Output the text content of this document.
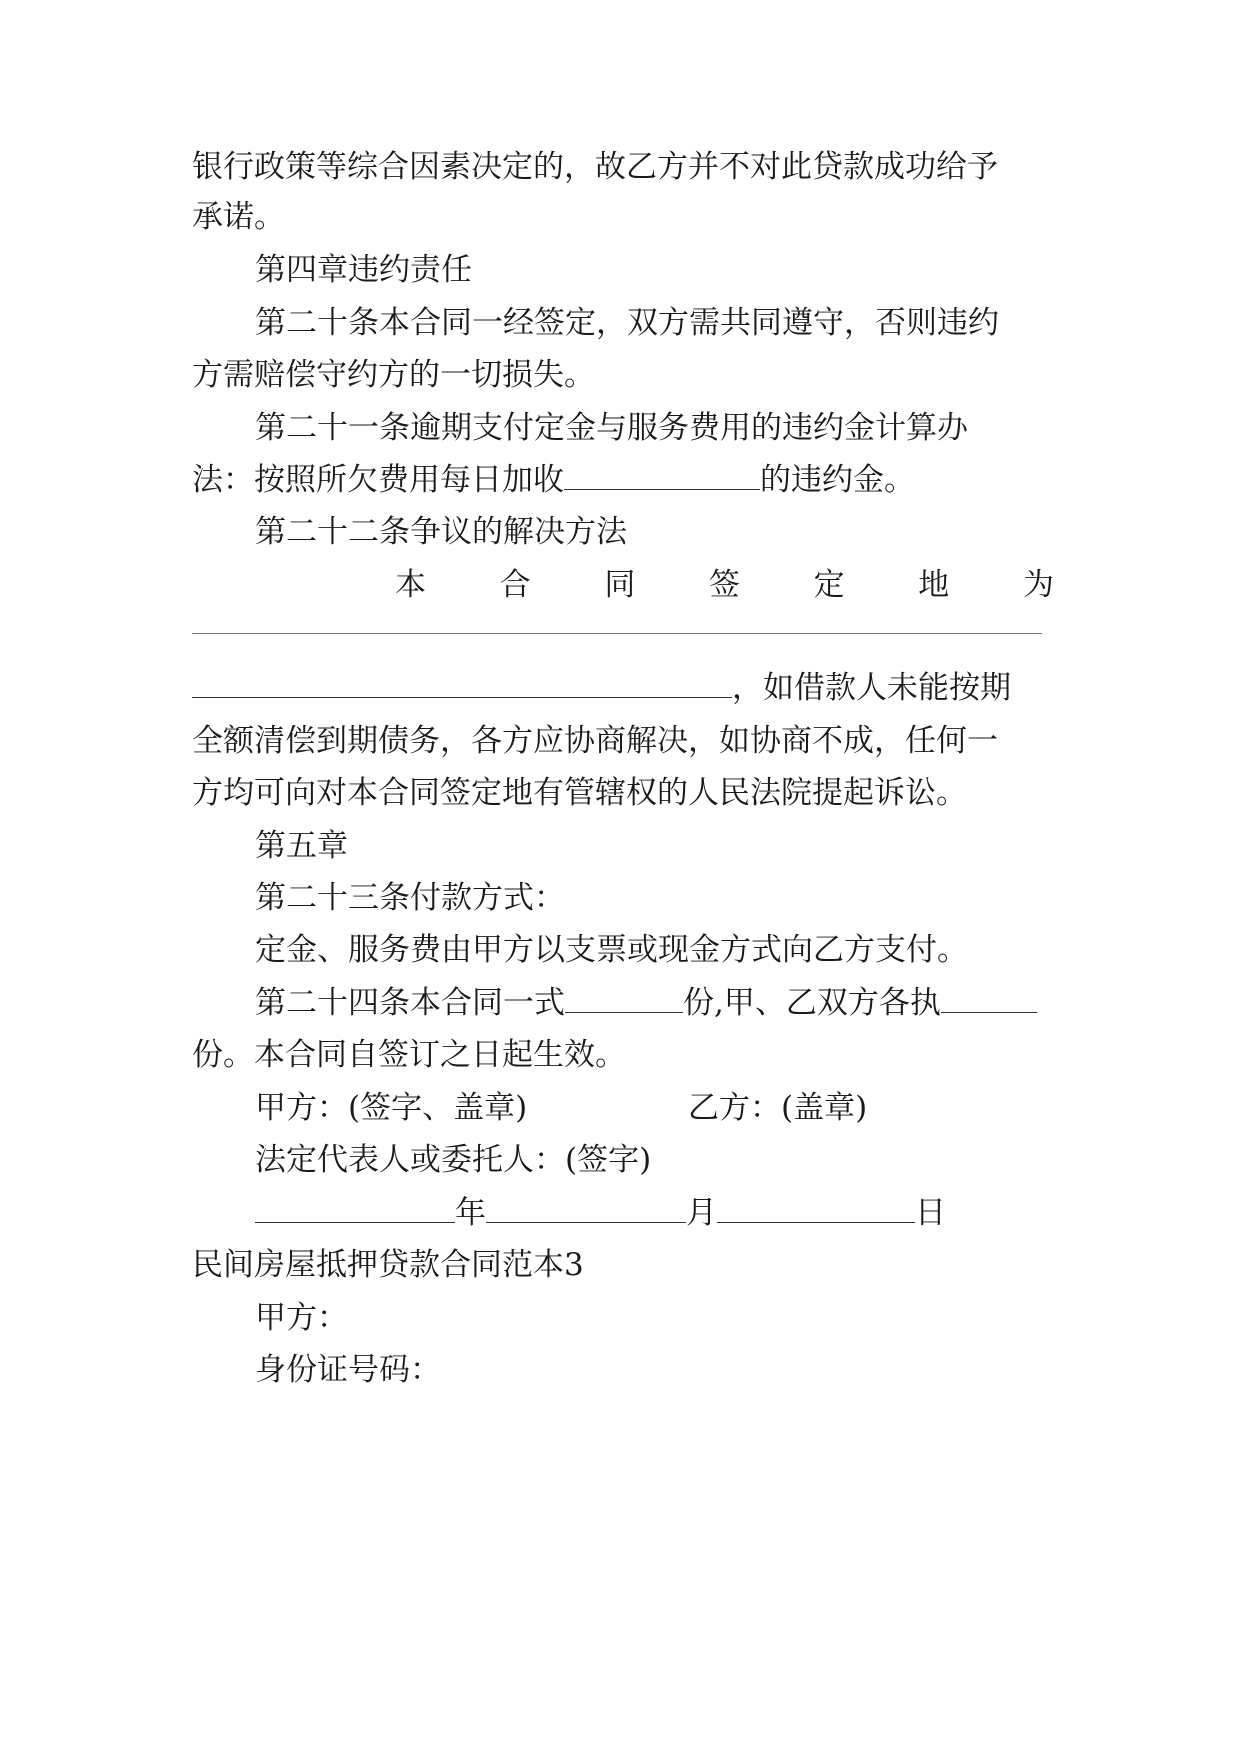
银行政策等综合因素决定的，故乙方并不对此贷款成功给予
承诺。
第四章违约责任
第二十条本合同一经签定，双方需共同遵守，否则违约
方需赔偿守约方的一切损失。
第二十一条逾期支付定金与服务费用的违约金计算办
法：按照所欠费用每日加收	的违约金。
第二十二条争议的解决方法
本 合 同 签 定 地 为
，如借款人未能按期
全额清偿到期债务，各方应协商解决，如协商不成，任何一
方均可向对本合同签定地有管辖权的人民法院提起诉讼。
第五章
第二十三条付款方式：
定金、服务费由甲方以支票或现金方式向乙方支付。
第二十四条本合同一式	份,甲、乙双方各执
份。本合同自签订之日起生效。
甲方：(签字、盖章)	乙方：(盖章)
法定代表人或委托人：(签字)
年	月	日
民间房屋抵押贷款合同范本3
甲方：
身份证号码：
